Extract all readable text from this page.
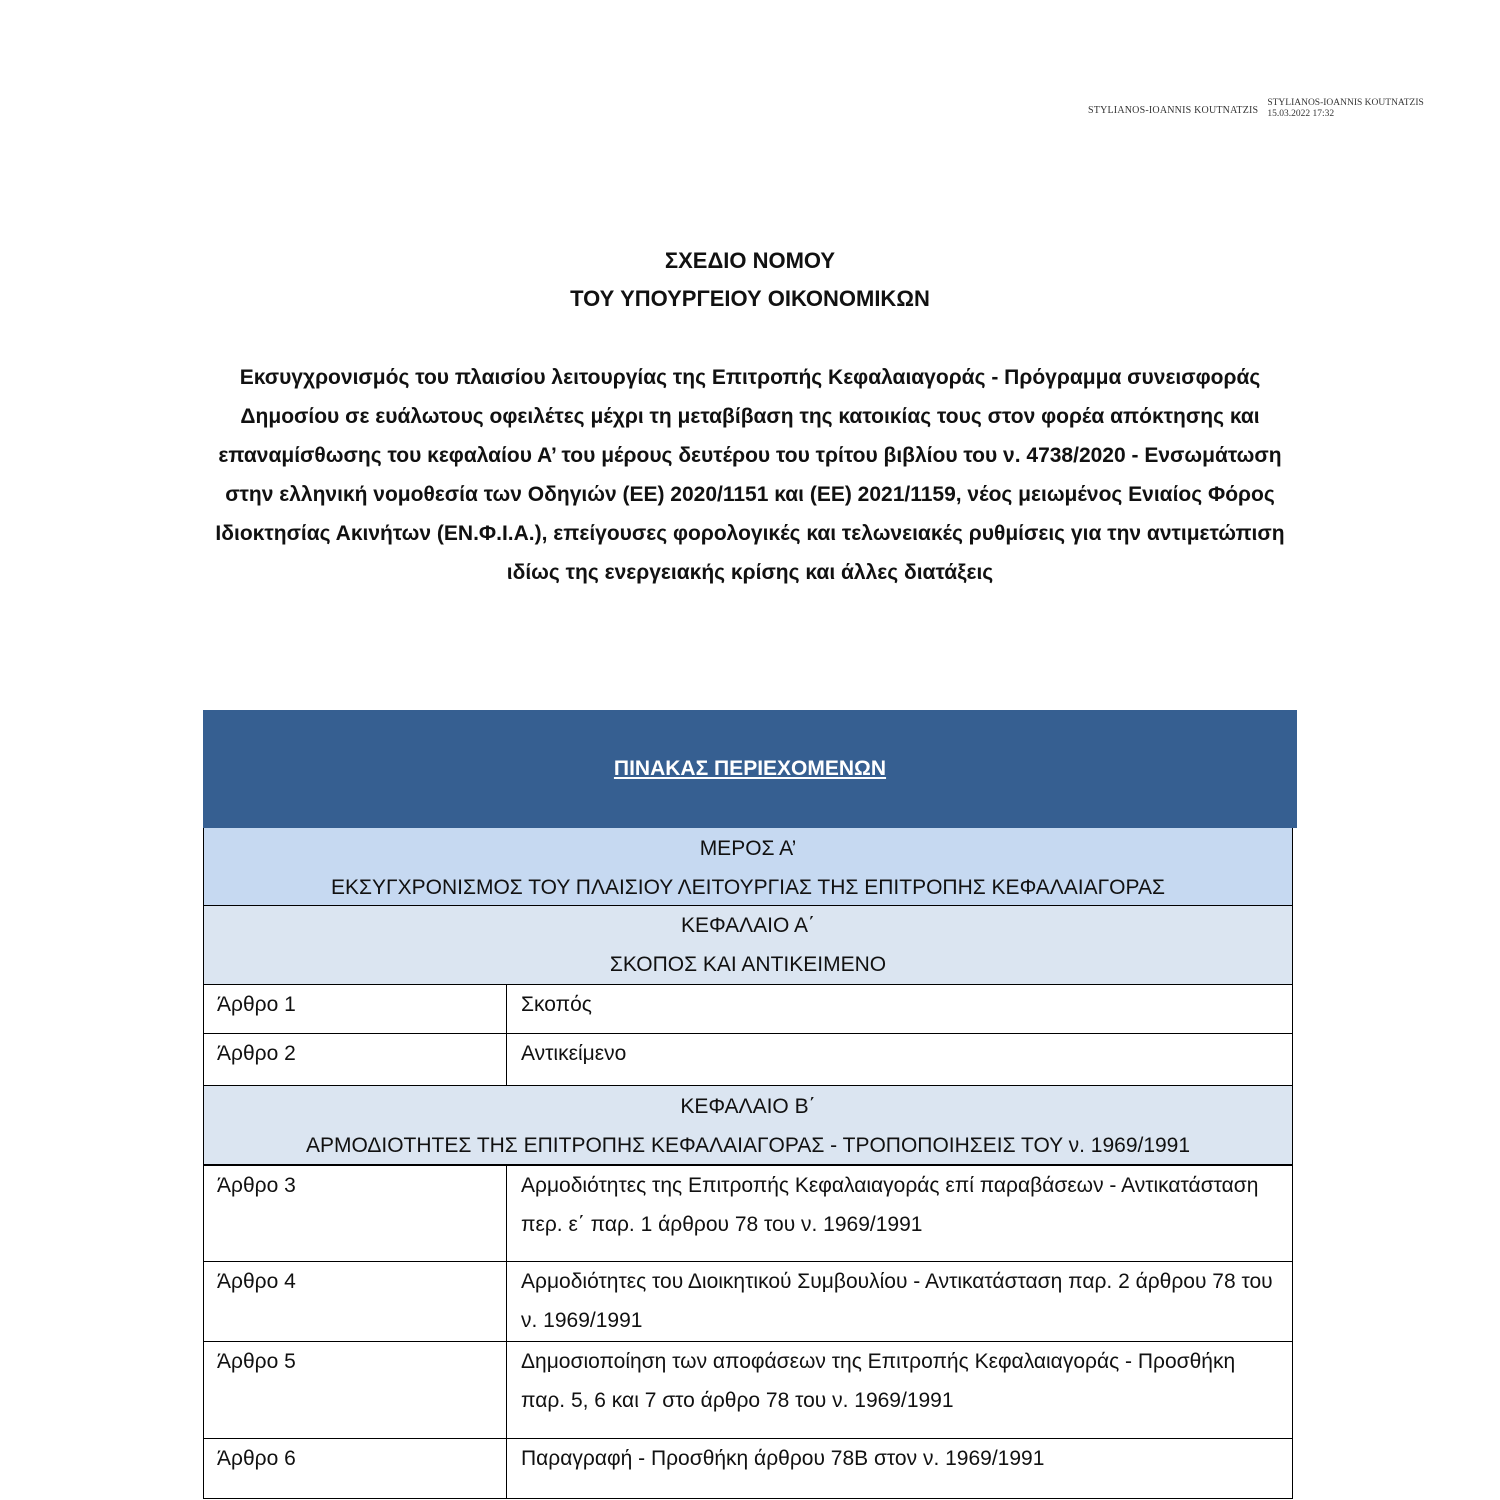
STYLIANOS-IOANNIS KOUTNATZIS
STYLIANOS-IOANNIS KOUTNATZIS
15.03.2022 17:32
ΣΧΕΔΙΟ ΝΟΜΟΥ
ΤΟΥ ΥΠΟΥΡΓΕΙΟΥ ΟΙΚΟΝΟΜΙΚΩΝ
Εκσυγχρονισμός του πλαισίου λειτουργίας της Επιτροπής Κεφαλαιαγοράς - Πρόγραμμα συνεισφοράς Δημοσίου σε ευάλωτους οφειλέτες μέχρι τη μεταβίβαση της κατοικίας τους στον φορέα απόκτησης και επαναμίσθωσης του κεφαλαίου Α’ του μέρους δευτέρου του τρίτου βιβλίου του ν. 4738/2020 - Ενσωμάτωση στην ελληνική νομοθεσία των Οδηγιών (ΕΕ) 2020/1151 και (ΕΕ) 2021/1159, νέος μειωμένος Ενιαίος Φόρος Ιδιοκτησίας Ακινήτων (ΕΝ.Φ.Ι.Α.), επείγουσες φορολογικές και τελωνειακές ρυθμίσεις για την αντιμετώπιση ιδίως της ενεργειακής κρίσης και άλλες διατάξεις
ΠΙΝΑΚΑΣ ΠΕΡΙΕΧΟΜΕΝΩΝ
ΜΕΡΟΣ Α’
ΕΚΣΥΓΧΡΟΝΙΣΜΟΣ ΤΟΥ ΠΛΑΙΣΙΟΥ ΛΕΙΤΟΥΡΓΙΑΣ ΤΗΣ ΕΠΙΤΡΟΠΗΣ ΚΕΦΑΛΑΙΑΓΟΡΑΣ
ΚΕΦΑΛΑΙΟ Α΄
ΣΚΟΠΟΣ ΚΑΙ ΑΝΤΙΚΕΙΜΕΝΟ
Άρθρο 1	Σκοπός
Άρθρο 2	Αντικείμενο
ΚΕΦΑΛΑΙΟ Β΄
ΑΡΜΟΔΙΟΤΗΤΕΣ ΤΗΣ ΕΠΙΤΡΟΠΗΣ ΚΕΦΑΛΑΙΑΓΟΡΑΣ - ΤΡΟΠΟΠΟΙΗΣΕΙΣ ΤΟΥ ν. 1969/1991
Άρθρο 3	Αρμοδιότητες της Επιτροπής Κεφαλαιαγοράς επί παραβάσεων - Αντικατάσταση περ. ε΄ παρ. 1 άρθρου 78 του ν. 1969/1991
Άρθρο 4	Αρμοδιότητες του Διοικητικού Συμβουλίου - Αντικατάσταση παρ. 2 άρθρου 78 του ν. 1969/1991
Άρθρο 5	Δημοσιοποίηση των αποφάσεων της Επιτροπής Κεφαλαιαγοράς - Προσθήκη παρ. 5, 6 και 7 στο άρθρο 78 του ν. 1969/1991
Άρθρο 6	Παραγραφή - Προσθήκη άρθρου 78Β στον ν. 1969/1991
